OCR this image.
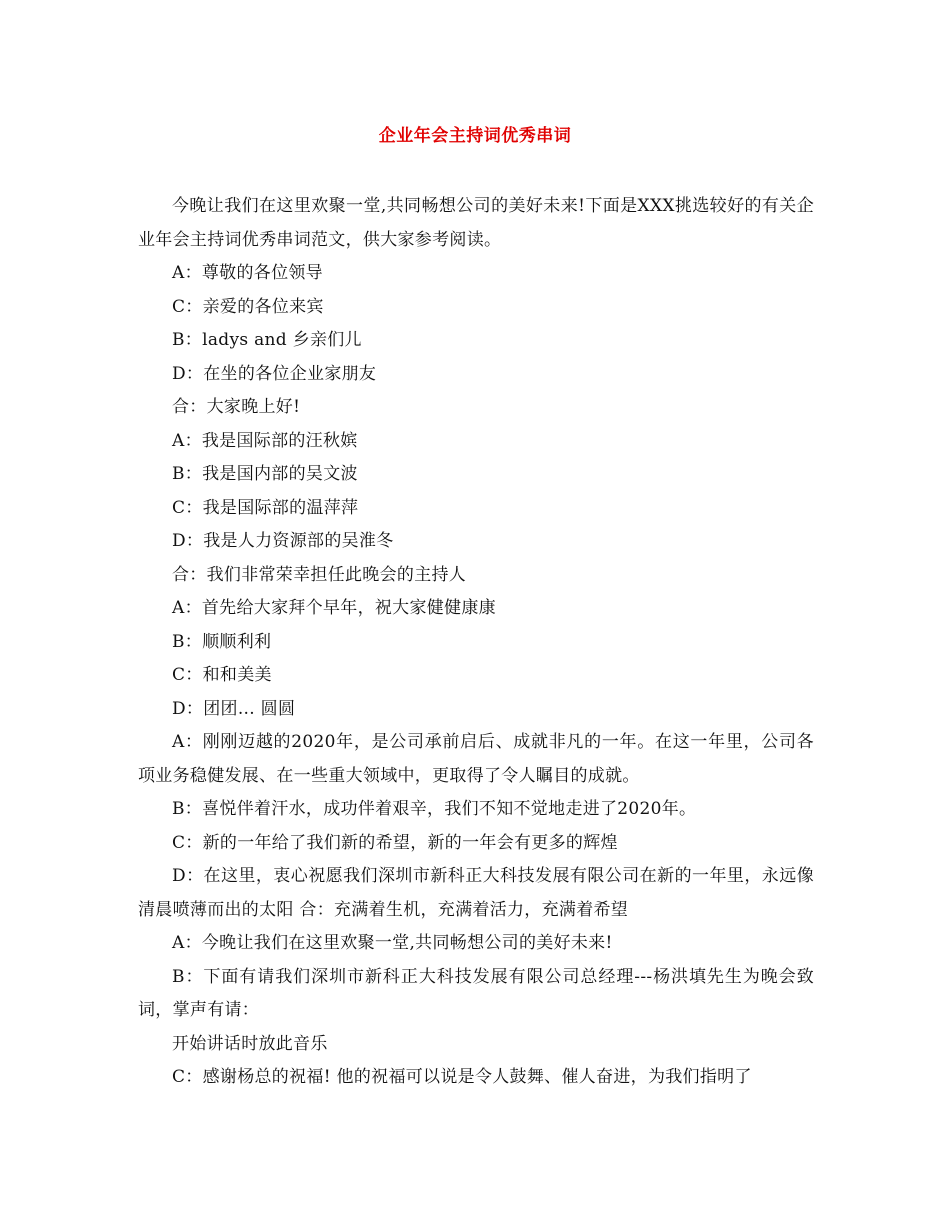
企业年会主持词优秀串词

今晚让我们在这里欢聚一堂,共同畅想公司的美好未来!下面是XXX挑选较好的有关企业年会主持词优秀串词范文，供大家参考阅读。

A：尊敬的各位领导

C：亲爱的各位来宾

B：ladys and 乡亲们儿

D：在坐的各位企业家朋友

合：大家晚上好!

A：我是国际部的汪秋嫔

B：我是国内部的吴文波

C：我是国际部的温萍萍

D：我是人力资源部的吴淮冬

合：我们非常荣幸担任此晚会的主持人

A：首先给大家拜个早年，祝大家健健康康

B：顺顺利利

C：和和美美

D：团团... 圆圆

A：刚刚迈越的2020年，是公司承前启后、成就非凡的一年。在这一年里，公司各项业务稳健发展、在一些重大领域中，更取得了令人瞩目的成就。

B：喜悦伴着汗水，成功伴着艰辛，我们不知不觉地走进了2020年。

C：新的一年给了我们新的希望，新的一年会有更多的辉煌

D：在这里，衷心祝愿我们深圳市新科正大科技发展有限公司在新的一年里，永远像清晨喷薄而出的太阳 合：充满着生机，充满着活力，充满着希望

A：今晚让我们在这里欢聚一堂,共同畅想公司的美好未来!

B：下面有请我们深圳市新科正大科技发展有限公司总经理---杨洪填先生为晚会致词，掌声有请：

开始讲话时放此音乐

C：感谢杨总的祝福! 他的祝福可以说是令人鼓舞、催人奋进，为我们指明了
